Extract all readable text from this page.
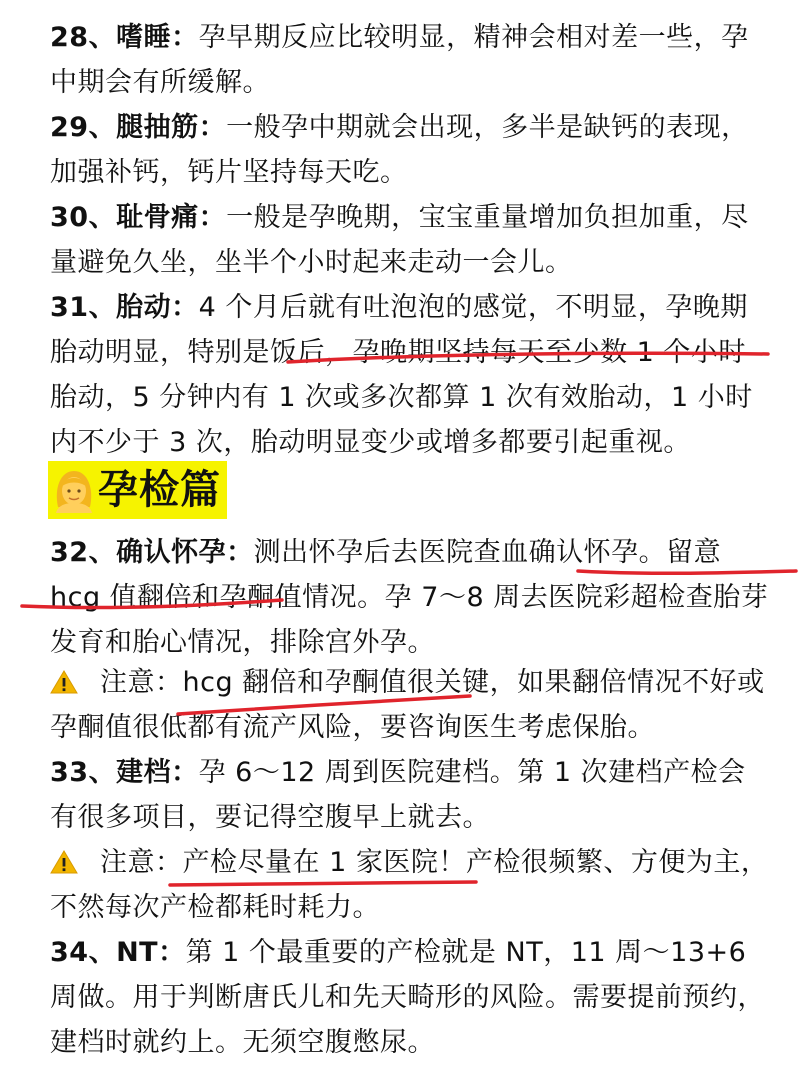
28、嗜睡：孕早期反应比较明显，精神会相对差一些，孕中期会有所缓解。

29、腿抽筋：一般孕中期就会出现，多半是缺钙的表现，加强补钙，钙片坚持每天吃。

30、耻骨痛：一般是孕晚期，宝宝重量增加负担加重，尽量避免久坐，坐半个小时起来走动一会儿。

31、胎动：4 个月后就有吐泡泡的感觉，不明显，孕晚期胎动明显，特别是饭后，孕晚期坚持每天至少数 1 个小时胎动，5 分钟内有 1 次或多次都算 1 次有效胎动，1 小时内不少于 3 次，胎动明显变少或增多都要引起重视。

孕检篇

32、确认怀孕：测出怀孕后去医院查血确认怀孕。留意 hcg 值翻倍和孕酮值情况。孕 7～8 周去医院彩超检查胎芽发育和胎心情况，排除宫外孕。

注意：hcg 翻倍和孕酮值很关键，如果翻倍情况不好或孕酮值很低都有流产风险，要咨询医生考虑保胎。

33、建档：孕 6～12 周到医院建档。第 1 次建档产检会有很多项目，要记得空腹早上就去。

注意：产检尽量在 1 家医院！产检很频繁、方便为主，不然每次产检都耗时耗力。

34、NT：第 1 个最重要的产检就是 NT，11 周～13+6 周做。用于判断唐氏儿和先天畸形的风险。需要提前预约，建档时就约上。无须空腹憋尿。
